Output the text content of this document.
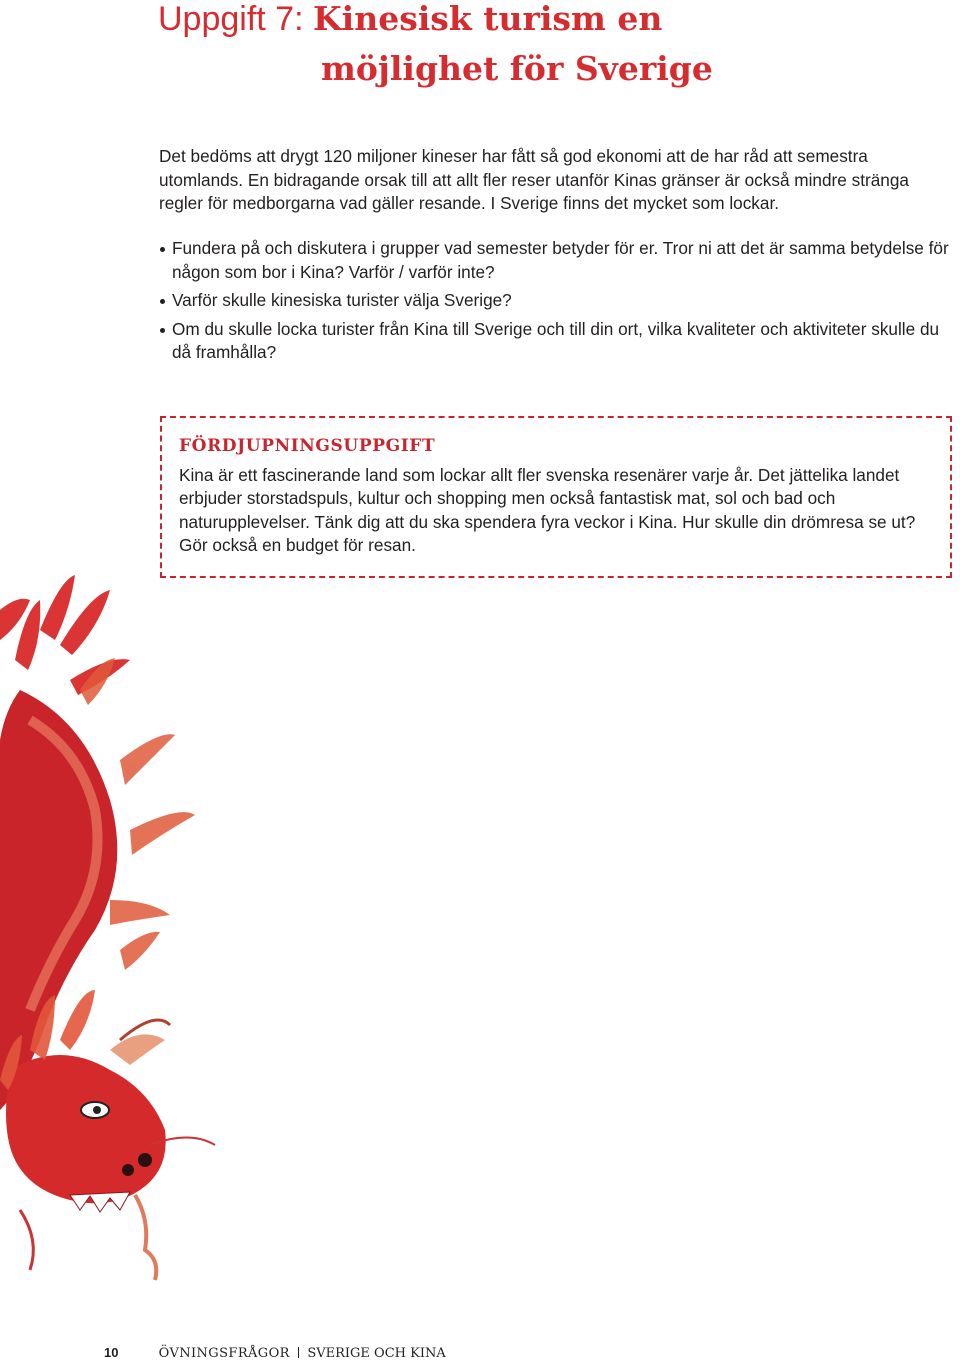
Uppgift 7: Kinesisk turism en
möjlighet för Sverige

Det bedöms att drygt 120 miljoner kineser har fått så god ekonomi att de har råd att semestra utomlands. En bidragande orsak till att allt fler reser utanför Kinas gränser är också mindre stränga regler för medborgarna vad gäller resande. I Sverige finns det mycket som lockar.

Fundera på och diskutera i grupper vad semester betyder för er. Tror ni att det är samma betydelse för någon som bor i Kina? Varför / varför inte?
Varför skulle kinesiska turister välja Sverige?
Om du skulle locka turister från Kina till Sverige och till din ort, vilka kvaliteter och aktiviteter skulle du då framhålla?
FÖRDJUPNINGSUPPGIFT

Kina är ett fascinerande land som lockar allt fler svenska resenärer varje år. Det jättelika landet erbjuder storstadspuls, kultur och shopping men också fantastisk mat, sol och bad och naturupplevelser. Tänk dig att du ska spendera fyra veckor i Kina. Hur skulle din drömresa se ut? Gör också en budget för resan.

10	ÖVNINGSFRÅGOR SVERIGE OCH KINA
